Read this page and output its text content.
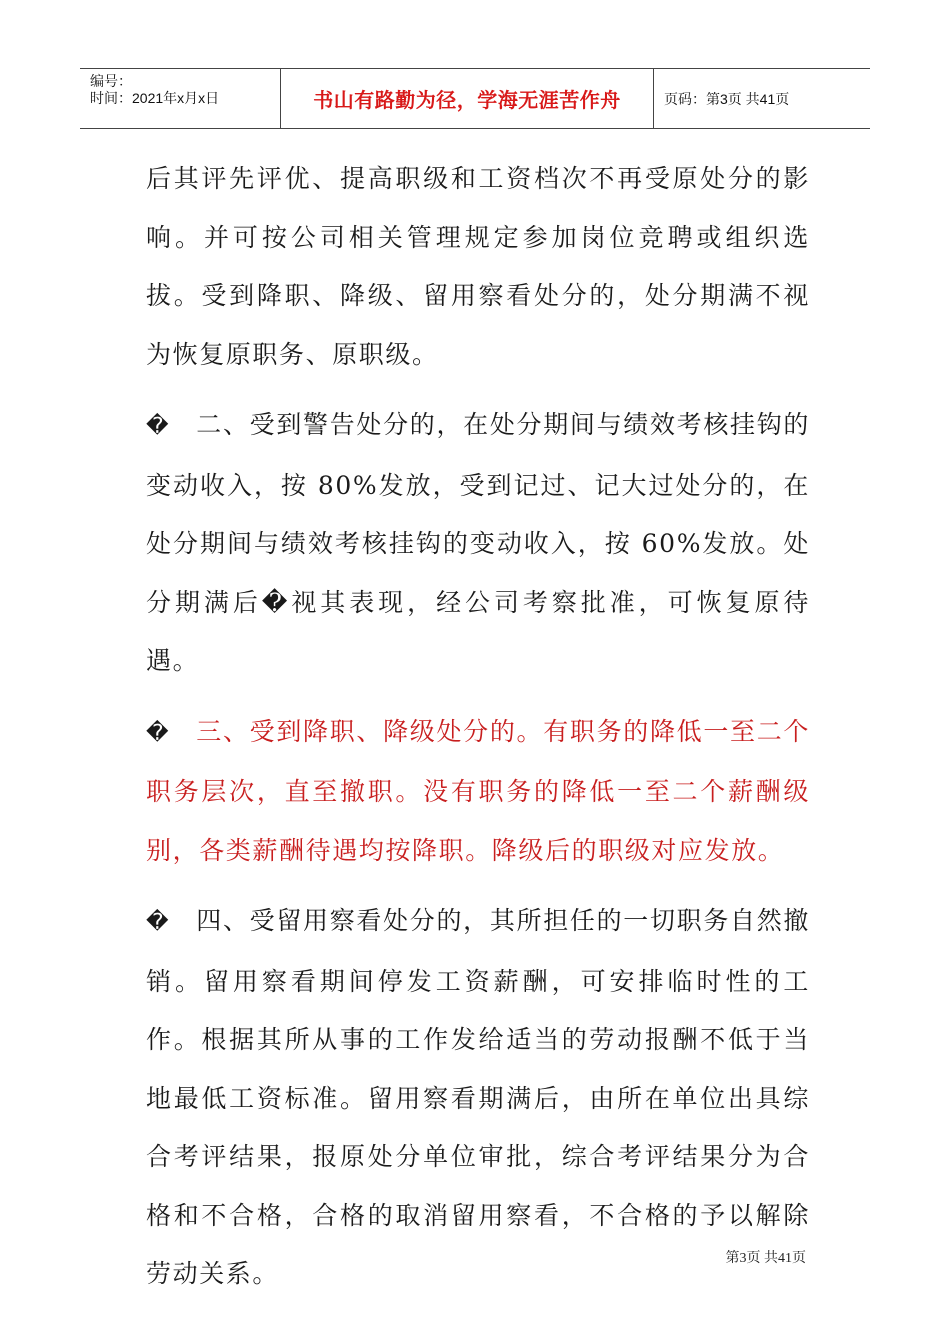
编号：
时间：2021年x月x日	书山有路勤为径，学海无涯苦作舟	页码：第3页 共41页

后其评先评优、提高职级和工资档次不再受原处分的影响。并可按公司相关管理规定参加岗位竞聘或组织选拔。受到降职、降级、留用察看处分的，处分期满不视为恢复原职务、原职级。

� 二、受到警告处分的，在处分期间与绩效考核挂钩的变动收入，按 80%发放，受到记过、记大过处分的，在处分期间与绩效考核挂钩的变动收入，按 60%发放。处分期满后�视其表现，经公司考察批准，可恢复原待遇。

� 三、受到降职、降级处分的。有职务的降低一至二个职务层次，直至撤职。没有职务的降低一至二个薪酬级别，各类薪酬待遇均按降职。降级后的职级对应发放。

� 四、受留用察看处分的，其所担任的一切职务自然撤销。留用察看期间停发工资薪酬，可安排临时性的工作。根据其所从事的工作发给适当的劳动报酬不低于当地最低工资标准。留用察看期满后，由所在单位出具综合考评结果，报原处分单位审批，综合考评结果分为合格和不合格，合格的取消留用察看，不合格的予以解除劳动关系。

第3页 共41页
